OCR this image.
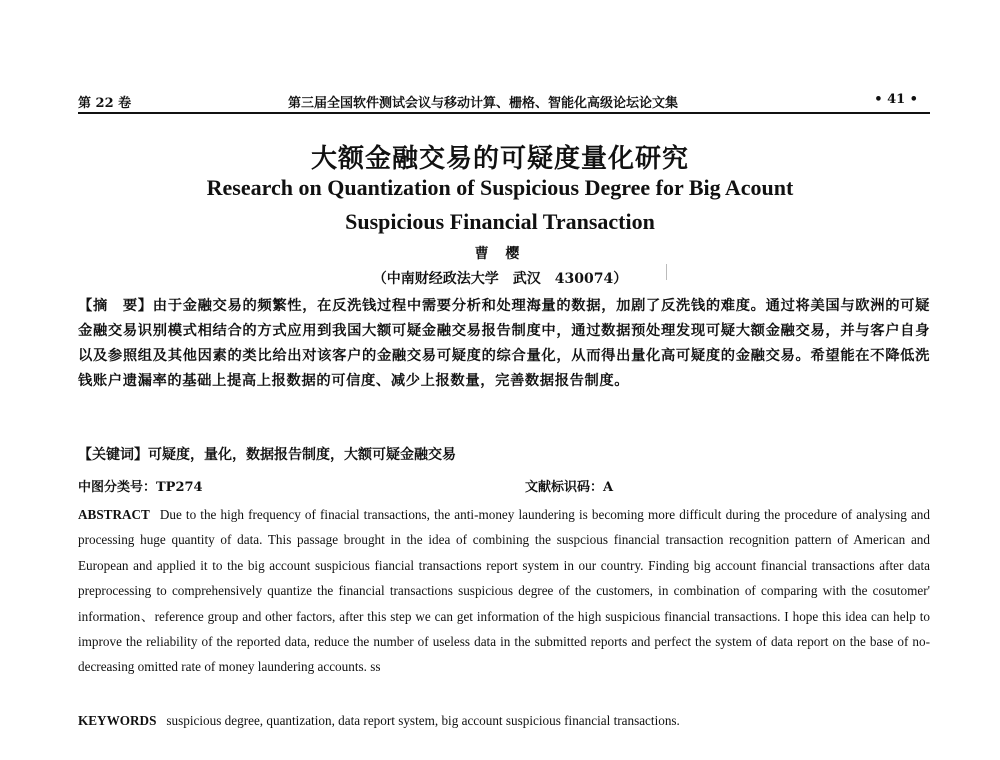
第 22 卷	第三届全国软件测试会议与移动计算、栅格、智能化高级论坛论文集	• 41 •
大额金融交易的可疑度量化研究
Research on Quantization of Suspicious Degree for Big Acount
Suspicious Financial Transaction
曹 樱
（中南财经政法大学　武汉　430074）
【摘　要】由于金融交易的频繁性，在反洗钱过程中需要分析和处理海量的数据，加剧了反洗钱的难度。通过将美国与欧洲的可疑金融交易识别模式相结合的方式应用到我国大额可疑金融交易报告制度中，通过数据预处理发现可疑大额金融交易，并与客户自身以及参照组及其他因素的类比给出对该客户的金融交易可疑度的综合量化，从而得出量化高可疑度的金融交易。希望能在不降低洗钱账户遗漏率的基础上提高上报数据的可信度、减少上报数量，完善数据报告制度。
【关键词】可疑度，量化，数据报告制度，大额可疑金融交易
中图分类号：TP274	文献标识码：A
ABSTRACT Due to the high frequency of finacial transactions, the anti-money laundering is becoming more difficult during the procedure of analysing and processing huge quantity of data. This passage brought in the idea of combining the suspcious financial transaction recognition pattern of American and European and applied it to the big account suspicious fiancial transactions report system in our country. Finding big account financial transactions after data preprocessing to comprehensively quantize the financial transactions suspicious degree of the customers, in combination of comparing with the cosutomer' information、reference group and other factors, after this step we can get information of the high suspicious financial transactions. I hope this idea can help to improve the reliability of the reported data, reduce the number of useless data in the submitted reports and perfect the system of data report on the base of no-decreasing omitted rate of money laundering accounts. ss
KEYWORDS suspicious degree, quantization, data report system, big account suspicious financial transactions.
